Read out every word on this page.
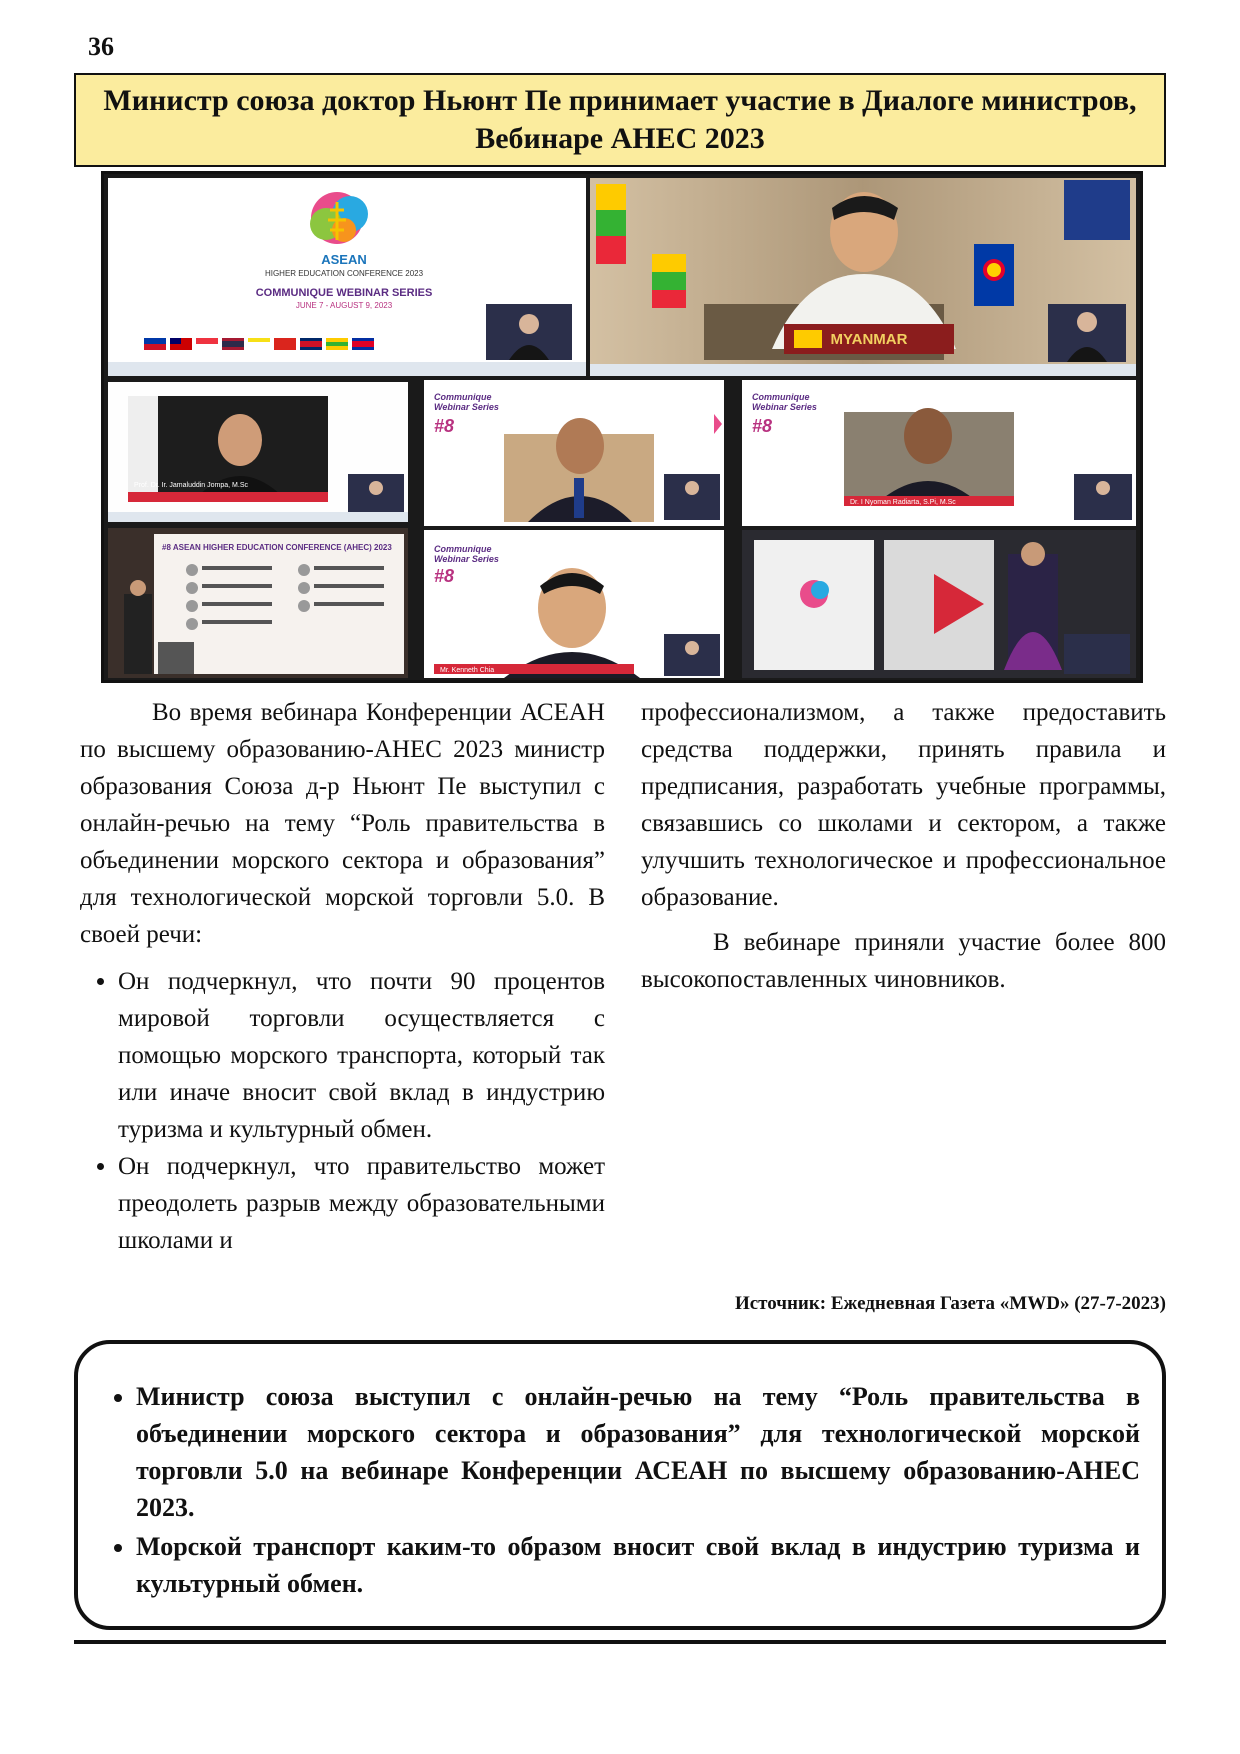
36
Министр союза доктор Ньюнт Пе принимает участие в Диалоге министров,
Вебинаре АНЕС 2023
ASEAN
HIGHER EDUCATION CONFERENCE 2023
COMMUNIQUE WEBINAR SERIES
JUNE 7 - AUGUST 9, 2023
MYANMAR
Prof. Dr. Ir. Jamaluddin Jompa, M.Sc
Communique
Webinar Series
#8
Communique
Webinar Series
#8
Dr. I Nyoman Radiarta, S.Pi, M.Sc
#8 ASEAN HIGHER EDUCATION CONFERENCE (AHEC) 2023	Communique
Webinar Series
#8
Mr. Kenneth Chia

Во время вебинара Конференции АСЕАН по высшему образованию-АНЕС 2023 министр образования Союза д-р Ньюнт Пе выступил с онлайн-речью на тему “Роль правительства в объединении морского сектора и образования” для технологической морской торговли 5.0. В своей речи:

• Он подчеркнул, что почти 90 процентов мировой торговли осуществляется с помощью морского транспорта, который так или иначе вносит свой вклад в индустрию туризма и культурный обмен.
• Он подчеркнул, что правительство может преодолеть разрыв между образовательными школами и

профессионализмом, а также предоставить средства поддержки, принять правила и предписания, разработать учебные программы, связавшись со школами и сектором, а также улучшить технологическое и профессиональное образование.

В вебинаре приняли участие более 800 высокопоставленных чиновников.

Источник: Ежедневная Газета «MWD» (27-7-2023)
• Министр союза выступил с онлайн-речью на тему “Роль правительства в объединении морского сектора и образования” для технологической морской торговли 5.0 на вебинаре Конференции АСЕАН по высшему образованию-АНЕС 2023.
• Морской транспорт каким-то образом вносит свой вклад в индустрию туризма и культурный обмен.
